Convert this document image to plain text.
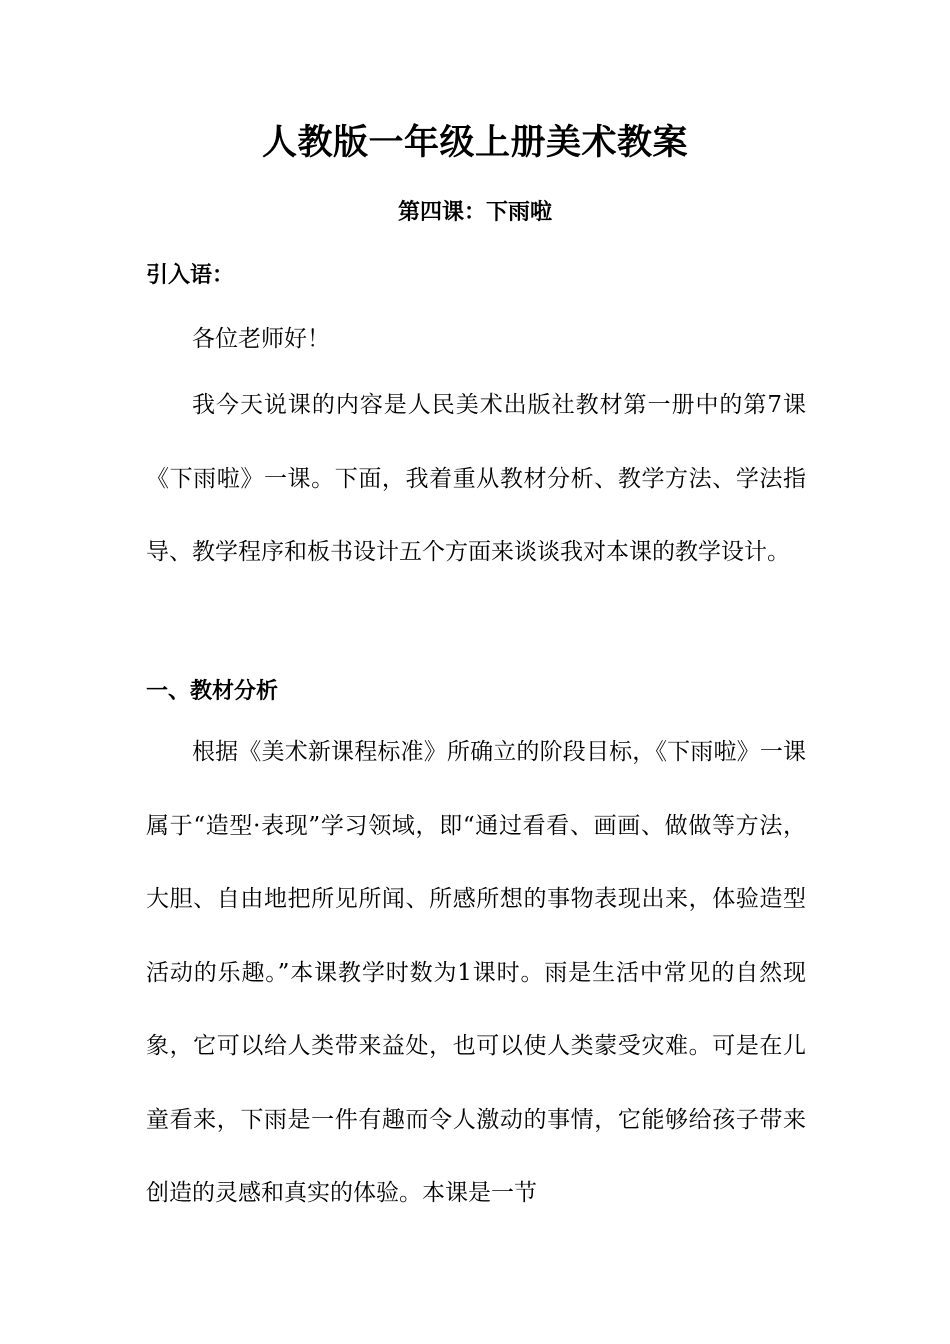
人教版一年级上册美术教案
第四课：下雨啦
引入语：
各位老师好！

我今天说课的内容是人民美术出版社教材第一册中的第7课《下雨啦》一课。下面，我着重从教材分析、教学方法、学法指导、教学程序和板书设计五个方面来谈谈我对本课的教学设计。

一、教材分析

根据《美术新课程标准》所确立的阶段目标，《下雨啦》一课属于“造型·表现”学习领域，即“通过看看、画画、做做等方法，大胆、自由地把所见所闻、所感所想的事物表现出来，体验造型活动的乐趣。”本课教学时数为1课时。雨是生活中常见的自然现象，它可以给人类带来益处，也可以使人类蒙受灾难。可是在儿童看来，下雨是一件有趣而令人激动的事情，它能够给孩子带来创造的灵感和真实的体验。本课是一节
